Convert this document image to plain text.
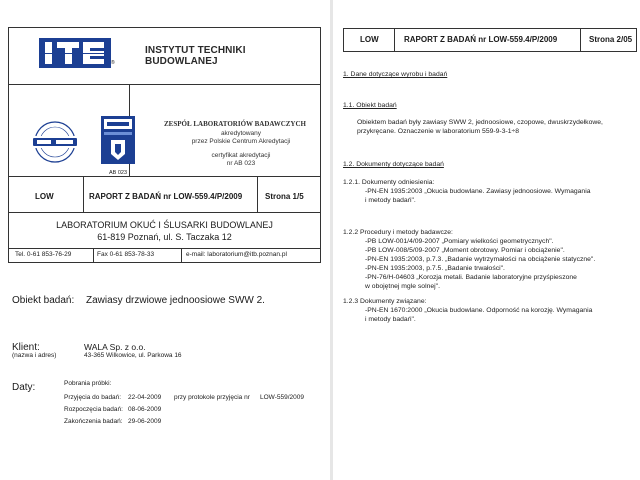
®
INSTYTUT TECHNIKI BUDOWLANEJ
AB 023
ZESPÓŁ LABORATORIÓW BADAWCZYCH
akredytowany
przez Polskie Centrum Akredytacji
certyfikat akredytacji
nr AB 023
LOW	RAPORT Z BADAŃ nr LOW-559.4/P/2009	Strona 1/5
LABORATORIUM OKUĆ I ŚLUSARKI BUDOWLANEJ
61-819 Poznań, ul. S. Taczaka 12
Tel. 0-61 853-76-29	Fax 0-61 853-78-33	e-mail: laboratorium@itb.poznan.pl
Obiekt badań: Zawiasy drzwiowe jednoosiowe SWW 2.
Klient:
(nazwa i adres)
WALA Sp. z o.o.
43-365 Wilkowice, ul. Parkowa 16
Daty:	Pobrania próbki:
Przyjęcia do badań: 22-04-2009 przy protokole przyjęcia nr LOW-559/2009
Rozpoczęcia badań: 08-06-2009
Zakończenia badań: 29-06-2009
LOW	RAPORT Z BADAŃ nr LOW-559.4/P/2009	Strona 2/05
1. Dane dotyczące wyrobu i badań
1.1. Obiekt badań
Obiektem badań były zawiasy SWW 2, jednoosiowe, czopowe, dwuskrzydełkowe,
przykręcane. Oznaczenie w laboratorium 559-9-3-1÷8
1.2. Dokumenty dotyczące badań
1.2.1. Dokumenty odniesienia:
-PN-EN 1935:2003 „Okucia budowlane. Zawiasy jednoosiowe. Wymagania
i metody badań".
1.2.2 Procedury i metody badawcze:
-PB LOW-001/4/09-2007 „Pomiary wielkości geometrycznych".
-PB LOW-008/5/09-2007 „Moment obrotowy. Pomiar i obciążenie".
-PN-EN 1935:2003, p.7.3. „Badanie wytrzymałości na obciążenie statyczne".
-PN-EN 1935:2003, p.7.5. „Badanie trwałości".
-PN-76/H-04603 „Korozja metali. Badanie laboratoryjne przyśpieszone
w obojętnej mgle solnej".
1.2.3 Dokumenty związane:
-PN-EN 1670:2000 „Okucia budowlane. Odporność na korozję. Wymagania
i metody badań".
